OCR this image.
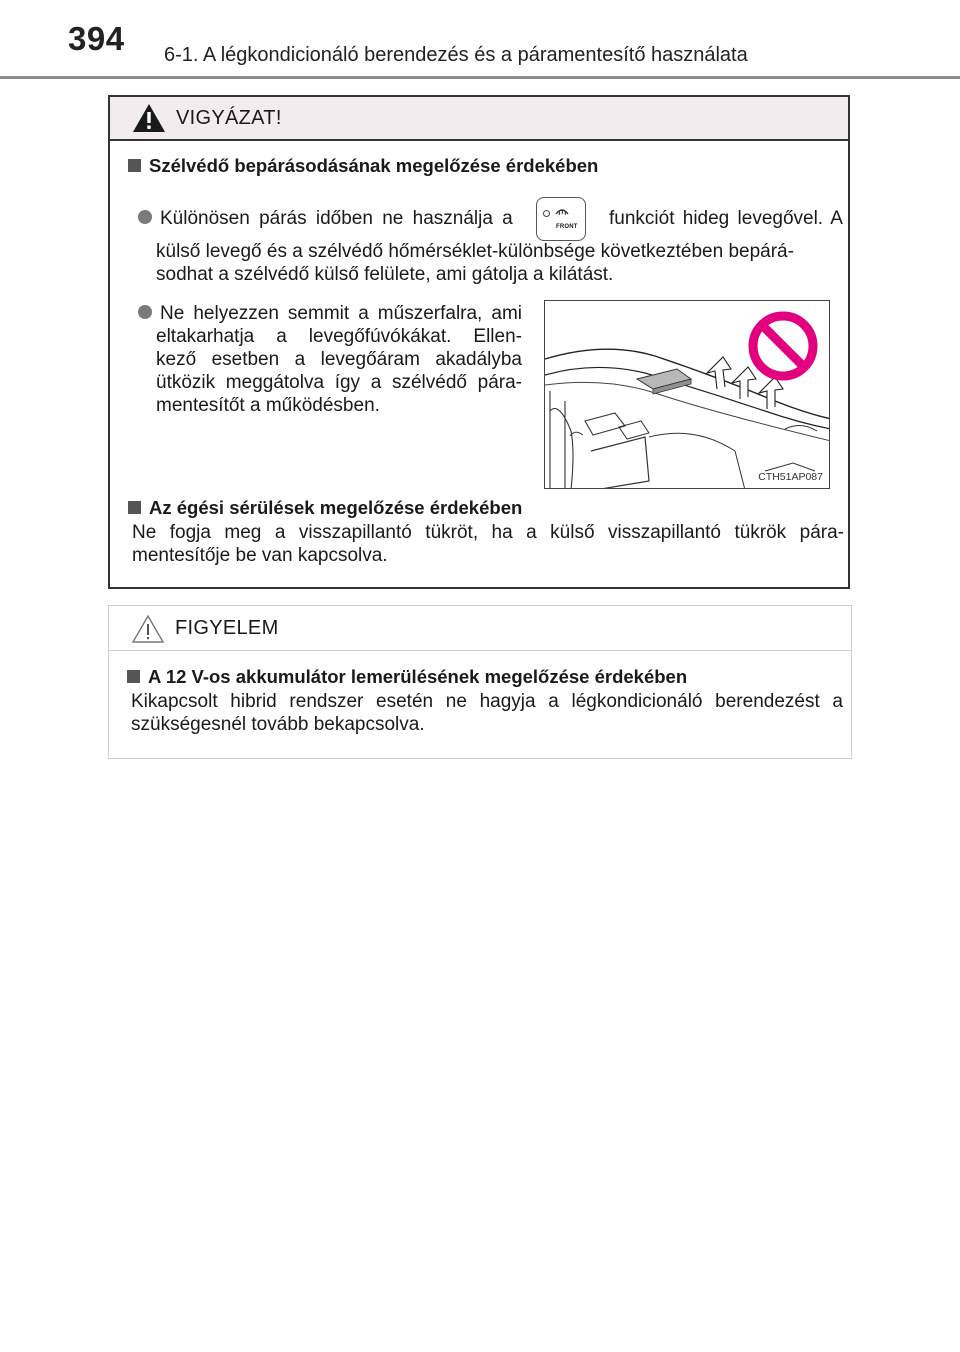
394 6-1. A légkondicionáló berendezés és a páramentesítő használata
VIGYÁZAT!
Szélvédő bepárásodásának megelőzése érdekében
Különösen párás időben ne használja a	FRONT	funkciót hideg levegővel. A
külső levegő és a szélvédő hőmérséklet-különbsége következtében bepárá-
sodhat a szélvédő külső felülete, ami gátolja a kilátást.
Ne helyezzen semmit a műszerfalra, ami
eltakarhatja a levegőfúvókákat. Ellen-
kező esetben a levegőáram akadályba
ütközik meggátolva így a szélvédő pára-
mentesítőt a működésben.
CTH51AP087
Az égési sérülések megelőzése érdekében
Ne fogja meg a visszapillantó tükröt, ha a külső visszapillantó tükrök pára-
mentesítője be van kapcsolva.
FIGYELEM
A 12 V-os akkumulátor lemerülésének megelőzése érdekében
Kikapcsolt hibrid rendszer esetén ne hagyja a légkondicionáló berendezést a
szükségesnél tovább bekapcsolva.
